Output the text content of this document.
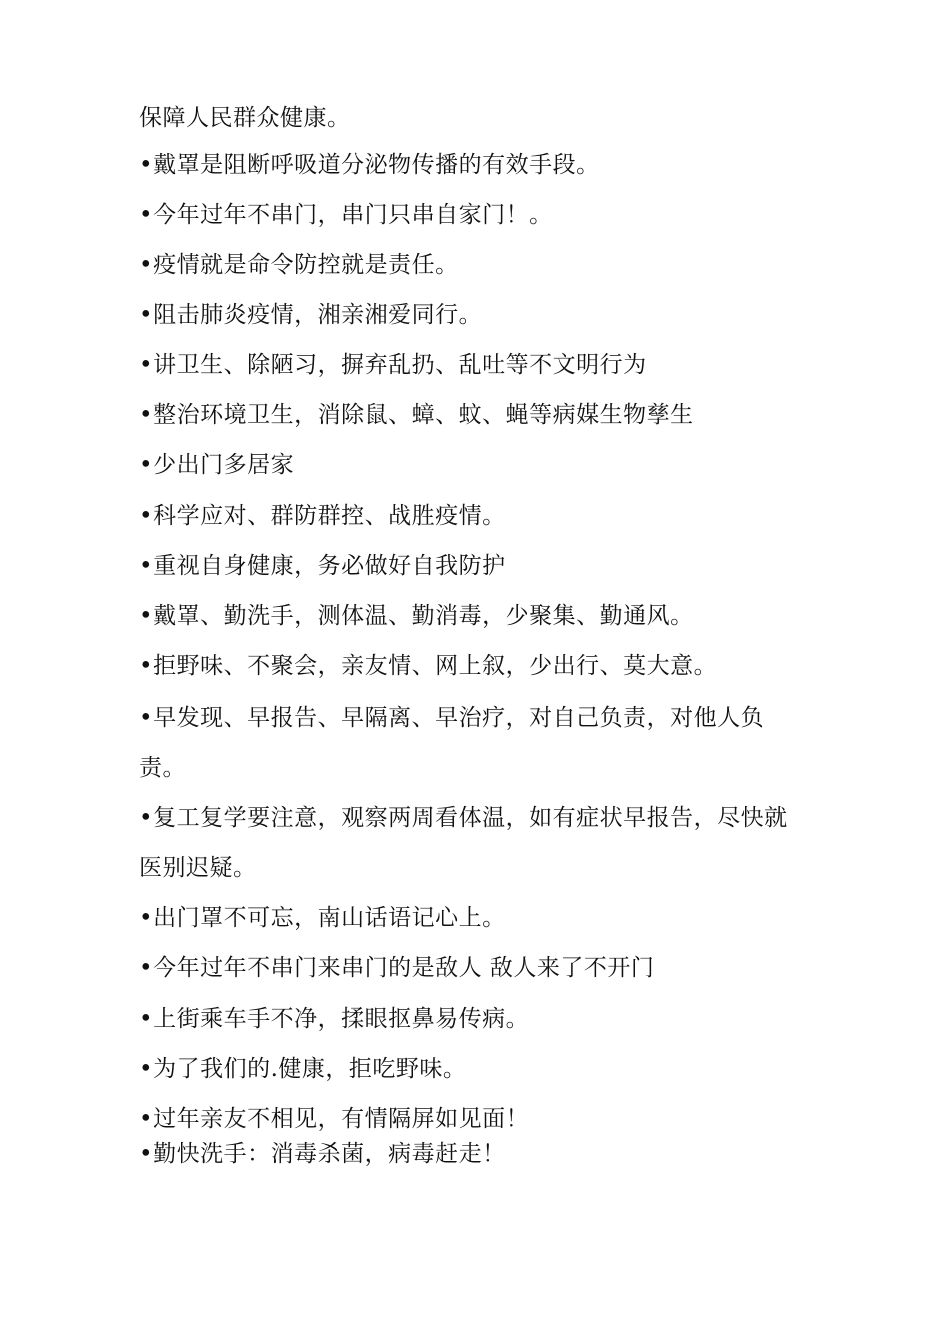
保障人民群众健康。
•戴罩是阻断呼吸道分泌物传播的有效手段。
•今年过年不串门，串门只串自家门！。
•疫情就是命令防控就是责任。
•阻击肺炎疫情，湘亲湘爱同行。
•讲卫生、除陋习，摒弃乱扔、乱吐等不文明行为
•整治环境卫生，消除鼠、蟑、蚊、蝇等病媒生物孳生
•少出门多居家
•科学应对、群防群控、战胜疫情。
•重视自身健康，务必做好自我防护
•戴罩、勤洗手，测体温、勤消毒，少聚集、勤通风。
•拒野味、不聚会，亲友情、网上叙，少出行、莫大意。
•早发现、早报告、早隔离、早治疗，对自己负责，对他人负
责。
•复工复学要注意，观察两周看体温，如有症状早报告，尽快就
医别迟疑。
•出门罩不可忘，南山话语记心上。
•今年过年不串门来串门的是敌人 敌人来了不开门
•上街乘车手不净，揉眼抠鼻易传病。
•为了我们的.健康，拒吃野味。
•过年亲友不相见，有情隔屏如见面！
•勤快洗手：消毒杀菌，病毒赶走！
